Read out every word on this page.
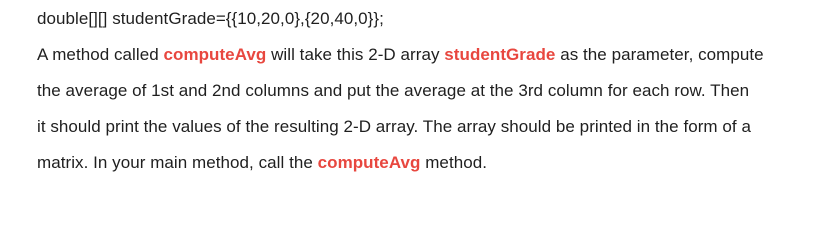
double[][] studentGrade={{10,20,0},{20,40,0}};
A method called computeAvg will take this 2-D array studentGrade as the parameter, compute
the average of 1st and 2nd columns and put the average at the 3rd column for each row. Then
it should print the values of the resulting 2-D array. The array should be printed in the form of a
matrix. In your main method, call the computeAvg method.
